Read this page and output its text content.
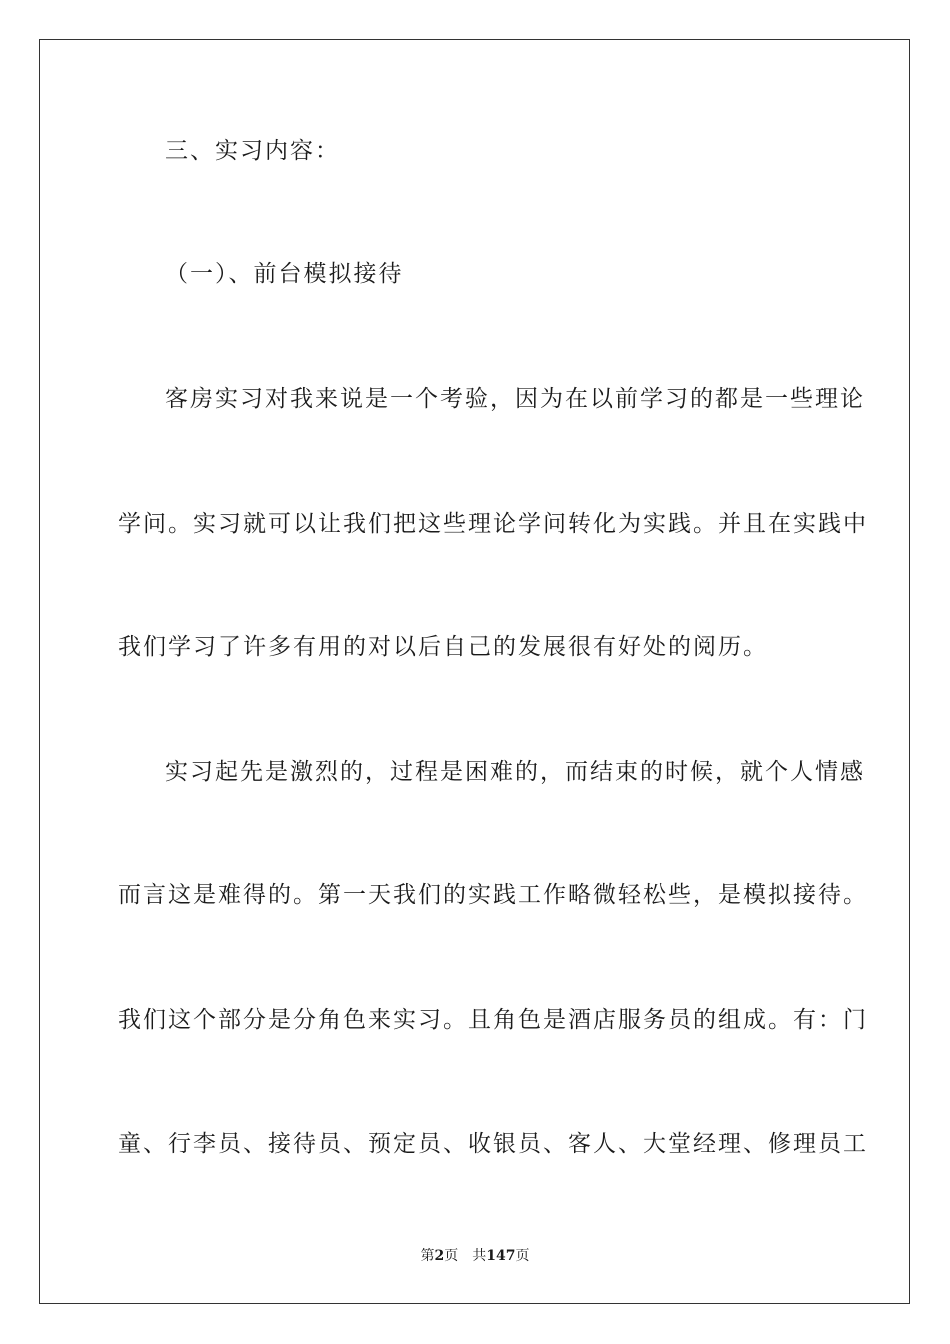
三、实习内容：
（一）、前台模拟接待
客房实习对我来说是一个考验，因为在以前学习的都是一些理论
学问。实习就可以让我们把这些理论学问转化为实践。并且在实践中
我们学习了许多有用的对以后自己的发展很有好处的阅历。
实习起先是激烈的，过程是困难的，而结束的时候，就个人情感
而言这是难得的。第一天我们的实践工作略微轻松些，是模拟接待。
我们这个部分是分角色来实习。且角色是酒店服务员的组成。有：门
童、行李员、接待员、预定员、收银员、客人、大堂经理、修理员工
第2页 共147页
